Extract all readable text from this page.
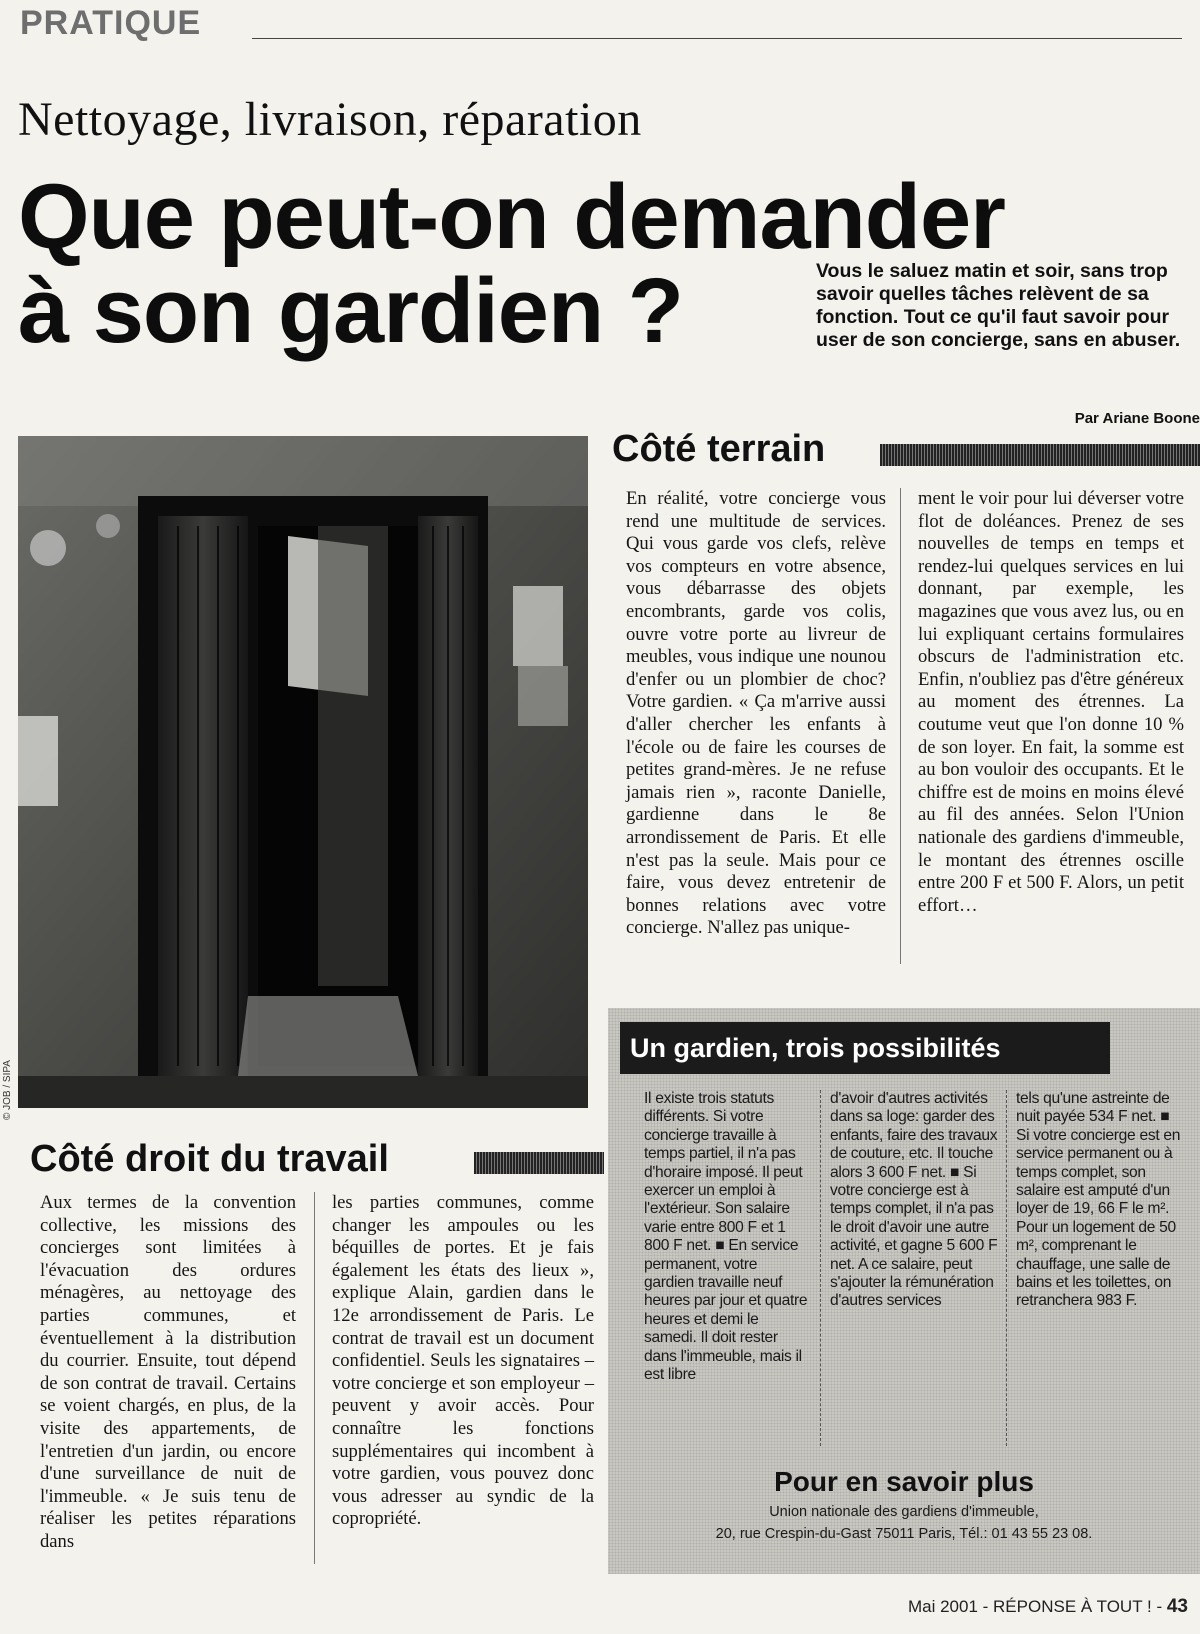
PRATIQUE
Nettoyage, livraison, réparation
Que peut-on demander
à son gardien ?	Vous le saluez matin et soir, sans trop savoir quelles tâches relèvent de sa fonction. Tout ce qu'il faut savoir pour user de son concierge, sans en abuser.
Par Ariane Boone
© JOB / SIPA
Côté terrain

En réalité, votre concierge vous rend une multitude de services. Qui vous garde vos clefs, relève vos compteurs en votre absence, vous débarrasse des objets encombrants, garde vos colis, ouvre votre porte au livreur de meubles, vous indique une nounou d'enfer ou un plombier de choc? Votre gardien. « Ça m'arrive aussi d'aller chercher les enfants à l'école ou de faire les courses de petites grand-mères. Je ne refuse jamais rien », raconte Danielle, gardienne dans le 8e arrondissement de Paris. Et elle n'est pas la seule. Mais pour ce faire, vous devez entretenir de bonnes relations avec votre concierge. N'allez pas unique-

ment le voir pour lui déverser votre flot de doléances. Prenez de ses nouvelles de temps en temps et rendez-lui quelques services en lui donnant, par exemple, les magazines que vous avez lus, ou en lui expliquant certains formulaires obscurs de l'administration etc. Enfin, n'oubliez pas d'être généreux au moment des étrennes. La coutume veut que l'on donne 10 % de son loyer. En fait, la somme est au bon vouloir des occupants. Et le chiffre est de moins en moins élevé au fil des années. Selon l'Union nationale des gardiens d'immeuble, le montant des étrennes oscille entre 200 F et 500 F. Alors, un petit effort…

Côté droit du travail

Aux termes de la convention collective, les missions des concierges sont limitées à l'évacuation des ordures ménagères, au nettoyage des parties communes, et éventuellement à la distribution du courrier. Ensuite, tout dépend de son contrat de travail. Certains se voient chargés, en plus, de la visite des appartements, de l'entretien d'un jardin, ou encore d'une surveillance de nuit de l'immeuble. « Je suis tenu de réaliser les petites réparations dans

les parties communes, comme changer les ampoules ou les béquilles de portes. Et je fais également les états des lieux », explique Alain, gardien dans le 12e arrondissement de Paris. Le contrat de travail est un document confidentiel. Seuls les signataires – votre concierge et son employeur – peuvent y avoir accès. Pour connaître les fonctions supplémentaires qui incombent à votre gardien, vous pouvez donc vous adresser au syndic de la copropriété.

Un gardien, trois possibilités

Il existe trois statuts différents. Si votre concierge travaille à temps partiel, il n'a pas d'horaire imposé. Il peut exercer un emploi à l'extérieur. Son salaire varie entre 800 F et 1 800 F net. ■ En service permanent, votre gardien travaille neuf heures par jour et quatre heures et demi le samedi. Il doit rester dans l'immeuble, mais il est libre

d'avoir d'autres activités dans sa loge: garder des enfants, faire des travaux de couture, etc. Il touche alors 3 600 F net. ■ Si votre concierge est à temps complet, il n'a pas le droit d'avoir une autre activité, et gagne 5 600 F net. A ce salaire, peut s'ajouter la rémunération d'autres services

tels qu'une astreinte de nuit payée 534 F net. ■ Si votre concierge est en service permanent ou à temps complet, son salaire est amputé d'un loyer de 19, 66 F le m². Pour un logement de 50 m², comprenant le chauffage, une salle de bains et les toilettes, on retranchera 983 F.

Pour en savoir plus
Union nationale des gardiens d'immeuble,
20, rue Crespin-du-Gast 75011 Paris, Tél.: 01 43 55 23 08.
Mai 2001 - RÉPONSE À TOUT ! - 43
